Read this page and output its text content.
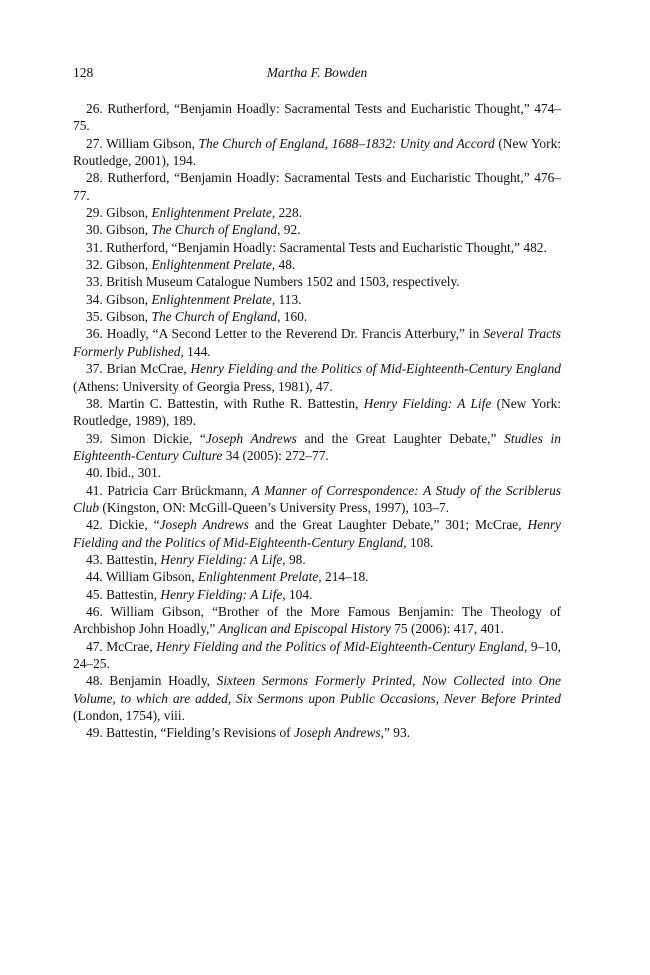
128	Martha F. Bowden

26. Rutherford, “Benjamin Hoadly: Sacramental Tests and Eucharistic Thought,” 474–75.

27. William Gibson, The Church of England, 1688–1832: Unity and Accord (New York: Routledge, 2001), 194.

28. Rutherford, “Benjamin Hoadly: Sacramental Tests and Eucharistic Thought,” 476–77.

29. Gibson, Enlightenment Prelate, 228.

30. Gibson, The Church of England, 92.

31. Rutherford, “Benjamin Hoadly: Sacramental Tests and Eucharistic Thought,” 482.

32. Gibson, Enlightenment Prelate, 48.

33. British Museum Catalogue Numbers 1502 and 1503, respectively.

34. Gibson, Enlightenment Prelate, 113.

35. Gibson, The Church of England, 160.

36. Hoadly, “A Second Letter to the Reverend Dr. Francis Atterbury,” in Several Tracts Formerly Published, 144.

37. Brian McCrae, Henry Fielding and the Politics of Mid-Eighteenth-Century England (Athens: University of Georgia Press, 1981), 47.

38. Martin C. Battestin, with Ruthe R. Battestin, Henry Fielding: A Life (New York: Routledge, 1989), 189.

39. Simon Dickie, “Joseph Andrews and the Great Laughter Debate,” Studies in Eighteenth-Century Culture 34 (2005): 272–77.

40. Ibid., 301.

41. Patricia Carr Brückmann, A Manner of Correspondence: A Study of the Scriblerus Club (Kingston, ON: McGill-Queen’s University Press, 1997), 103–7.

42. Dickie, “Joseph Andrews and the Great Laughter Debate,” 301; McCrae, Henry Fielding and the Politics of Mid-Eighteenth-Century England, 108.

43. Battestin, Henry Fielding: A Life, 98.

44. William Gibson, Enlightenment Prelate, 214–18.

45. Battestin, Henry Fielding: A Life, 104.

46. William Gibson, “Brother of the More Famous Benjamin: The Theology of Archbishop John Hoadly,” Anglican and Episcopal History 75 (2006): 417, 401.

47. McCrae, Henry Fielding and the Politics of Mid-Eighteenth-Century England, 9–10, 24–25.

48. Benjamin Hoadly, Sixteen Sermons Formerly Printed, Now Collected into One Volume, to which are added, Six Sermons upon Public Occasions, Never Before Printed (London, 1754), viii.

49. Battestin, “Fielding’s Revisions of Joseph Andrews,” 93.
